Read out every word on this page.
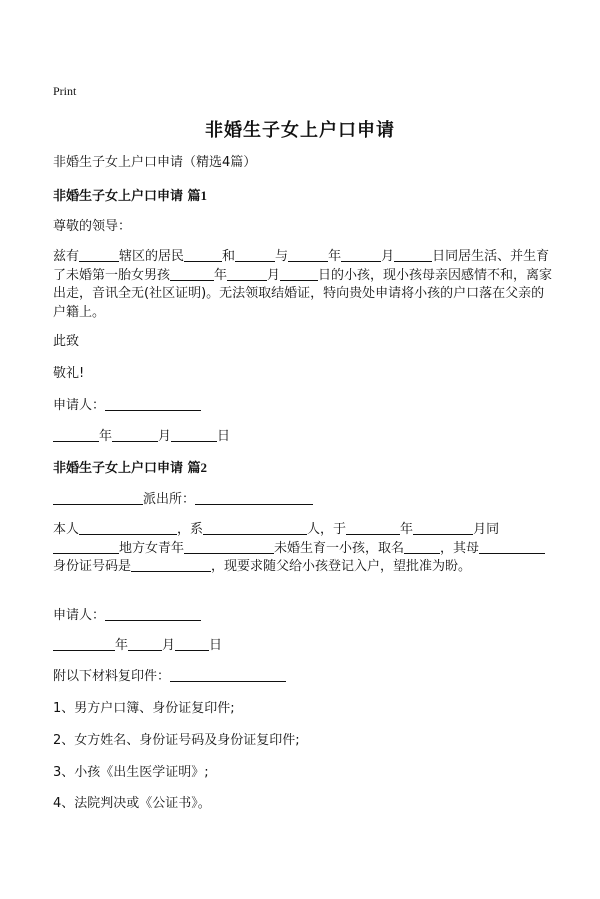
Print
非婚生子女上户口申请
非婚生子女上户口申请（精选4篇）
非婚生子女上户口申请 篇1
尊敬的领导：
兹有	辖区的居民	和	与	年	月	日同居生活、并生育了未婚第一胎女男孩	年	月	日的小孩，现小孩母亲因感情不和，离家出走，音讯全无(社区证明)。无法领取结婚证，特向贵处申请将小孩的户口落在父亲的户籍上。
此致
敬礼!
申请人：
年	月	日
非婚生子女上户口申请 篇2
派出所：
本人	，系	人，于	年	月同地方女青年	未婚生育一小孩，取名	，其母身份证号码是	，现要求随父给小孩登记入户，望批准为盼。
申请人：
年	月	日
附以下材料复印件：
1、男方户口簿、身份证复印件;
2、女方姓名、身份证号码及身份证复印件;
3、小孩《出生医学证明》;
4、法院判决或《公证书》。
